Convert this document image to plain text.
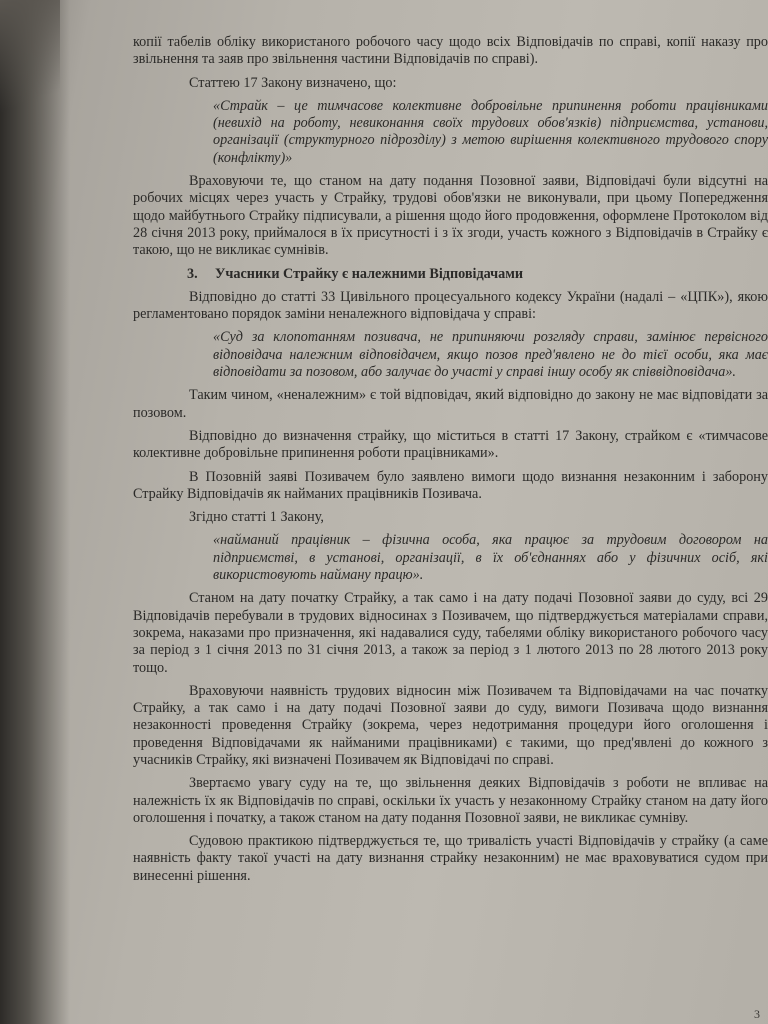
копії табелів обліку використаного робочого часу щодо всіх Відповідачів по справі, копії наказу про звільнення та заяв про звільнення частини Відповідачів по справі).

Статтею 17 Закону визначено, що:

«Страйк – це тимчасове колективне добровільне припинення роботи працівниками (невихід на роботу, невиконання своїх трудових обов'язків) підприємства, установи, організації (структурного підрозділу) з метою вирішення колективного трудового спору (конфлікту)»

Враховуючи те, що станом на дату подання Позовної заяви, Відповідачі були відсутні на робочих місцях через участь у Страйку, трудові обов'язки не виконували, при цьому Попередження щодо майбутнього Страйку підписували, а рішення щодо його продовження, оформлене Протоколом від 28 січня 2013 року, приймалося в їх присутності і з їх згоди, участь кожного з Відповідачів в Страйку є такою, що не викликає сумнівів.

3. Учасники Страйку є належними Відповідачами

Відповідно до статті 33 Цивільного процесуального кодексу України (надалі – «ЦПК»), якою регламентовано порядок заміни неналежного відповідача у справі:

«Суд за клопотанням позивача, не припиняючи розгляду справи, замінює первісного відповідача належним відповідачем, якщо позов пред'явлено не до тієї особи, яка має відповідати за позовом, або залучає до участі у справі іншу особу як співвідповідача».

Таким чином, «неналежним» є той відповідач, який відповідно до закону не має відповідати за позовом.

Відповідно до визначення страйку, що міститься в статті 17 Закону, страйком є «тимчасове колективне добровільне припинення роботи працівниками».

В Позовній заяві Позивачем було заявлено вимоги щодо визнання незаконним і заборону Страйку Відповідачів як найманих працівників Позивача.

Згідно статті 1 Закону,

«найманий працівник – фізична особа, яка працює за трудовим договором на підприємстві, в установі, організації, в їх об'єднаннях або у фізичних осіб, які використовують найману працю».

Станом на дату початку Страйку, а так само і на дату подачі Позовної заяви до суду, всі 29 Відповідачів перебували в трудових відносинах з Позивачем, що підтверджується матеріалами справи, зокрема, наказами про призначення, які надавалися суду, табелями обліку використаного робочого часу за період з 1 січня 2013 по 31 січня 2013, а також за період з 1 лютого 2013 по 28 лютого 2013 року тощо.

Враховуючи наявність трудових відносин між Позивачем та Відповідачами на час початку Страйку, а так само і на дату подачі Позовної заяви до суду, вимоги Позивача щодо визнання незаконності проведення Страйку (зокрема, через недотримання процедури його оголошення і проведення Відповідачами як найманими працівниками) є такими, що пред'явлені до кожного з учасників Страйку, які визначені Позивачем як Відповідачі по справі.

Звертаємо увагу суду на те, що звільнення деяких Відповідачів з роботи не впливає на належність їх як Відповідачів по справі, оскільки їх участь у незаконному Страйку станом на дату його оголошення і початку, а також станом на дату подання Позовної заяви, не викликає сумніву.

Судовою практикою підтверджується те, що тривалість участі Відповідачів у страйку (а саме наявність факту такої участі на дату визнання страйку незаконним) не має враховуватися судом при винесенні рішення.

3
